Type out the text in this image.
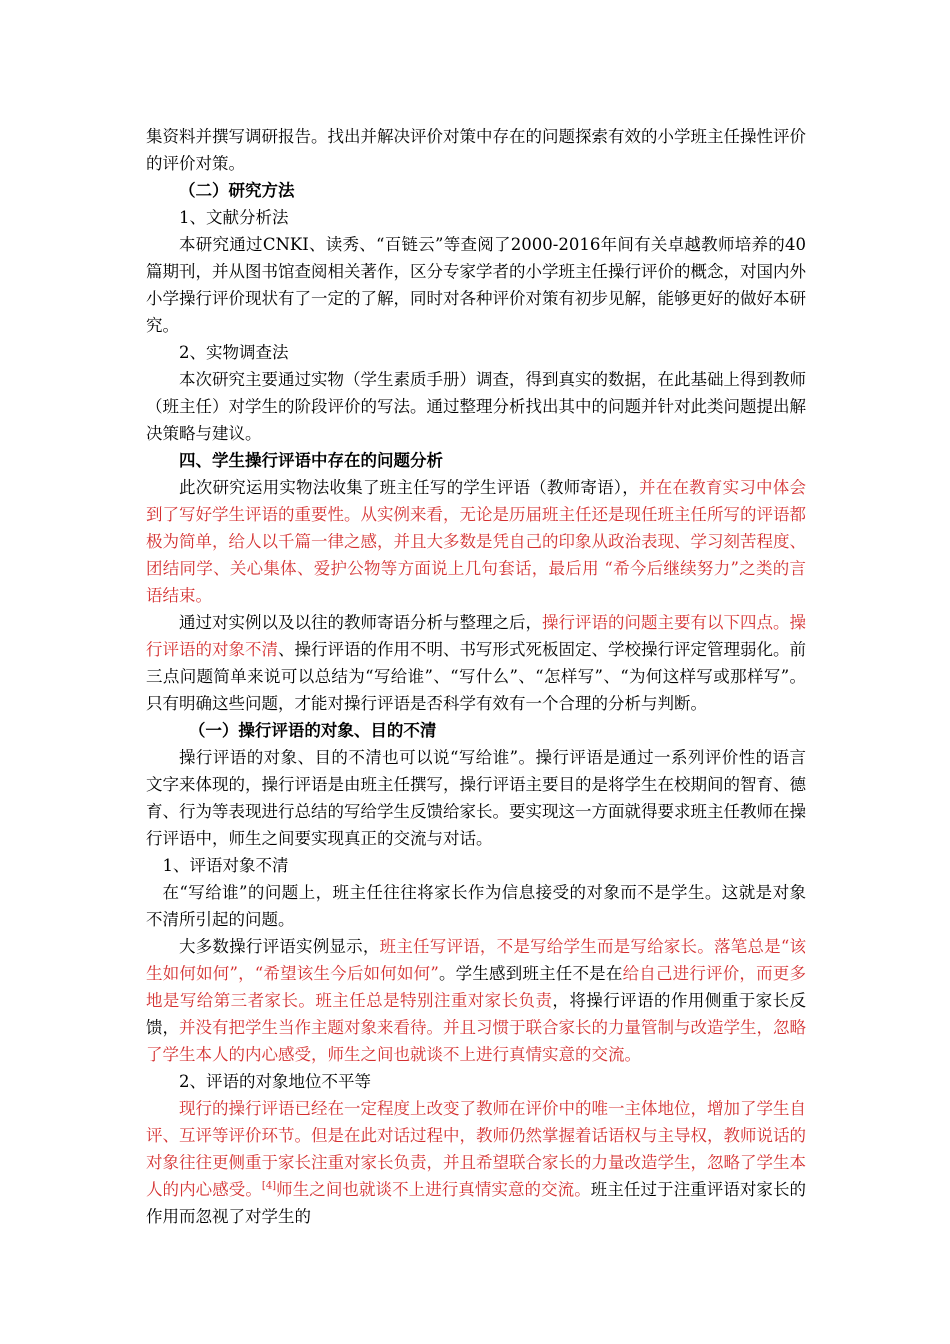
集资料并撰写调研报告。找出并解决评价对策中存在的问题探索有效的小学班主任操性评价的评价对策。

（二）研究方法

1、文献分析法

本研究通过CNKI、读秀、“百链云”等查阅了2000-2016年间有关卓越教师培养的40篇期刊，并从图书馆查阅相关著作，区分专家学者的小学班主任操行评价的概念，对国内外小学操行评价现状有了一定的了解，同时对各种评价对策有初步见解，能够更好的做好本研究。

2、实物调查法

本次研究主要通过实物（学生素质手册）调查，得到真实的数据，在此基础上得到教师（班主任）对学生的阶段评价的写法。通过整理分析找出其中的问题并针对此类问题提出解决策略与建议。

四、学生操行评语中存在的问题分析

此次研究运用实物法收集了班主任写的学生评语（教师寄语），并在在教育实习中体会到了写好学生评语的重要性。从实例来看，无论是历届班主任还是现任班主任所写的评语都极为简单，给人以千篇一律之感，并且大多数是凭自己的印象从政治表现、学习刻苦程度、团结同学、关心集体、爱护公物等方面说上几句套话，最后用 “希今后继续努力”之类的言语结束。

通过对实例以及以往的教师寄语分析与整理之后，操行评语的问题主要有以下四点。操行评语的对象不清、操行评语的作用不明、书写形式死板固定、学校操行评定管理弱化。前三点问题简单来说可以总结为“写给谁”、“写什么”、“怎样写”、“为何这样写或那样写”。只有明确这些问题，才能对操行评语是否科学有效有一个合理的分析与判断。

（一）操行评语的对象、目的不清

操行评语的对象、目的不清也可以说“写给谁”。操行评语是通过一系列评价性的语言文字来体现的，操行评语是由班主任撰写，操行评语主要目的是将学生在校期间的智育、德育、行为等表现进行总结的写给学生反馈给家长。要实现这一方面就得要求班主任教师在操行评语中，师生之间要实现真正的交流与对话。

1、评语对象不清

在“写给谁”的问题上，班主任往往将家长作为信息接受的对象而不是学生。这就是对象不清所引起的问题。

大多数操行评语实例显示，班主任写评语，不是写给学生而是写给家长。落笔总是“该生如何如何”，“希望该生今后如何如何”。学生感到班主任不是在给自己进行评价，而更多地是写给第三者家长。班主任总是特别注重对家长负责，将操行评语的作用侧重于家长反馈，并没有把学生当作主题对象来看待。并且习惯于联合家长的力量管制与改造学生，忽略了学生本人的内心感受，师生之间也就谈不上进行真情实意的交流。

2、评语的对象地位不平等

现行的操行评语已经在一定程度上改变了教师在评价中的唯一主体地位，增加了学生自评、互评等评价环节。但是在此对话过程中，教师仍然掌握着话语权与主导权，教师说话的对象往往更侧重于家长注重对家长负责，并且希望联合家长的力量改造学生，忽略了学生本人的内心感受。[4]师生之间也就谈不上进行真情实意的交流。班主任过于注重评语对家长的作用而忽视了对学生的
